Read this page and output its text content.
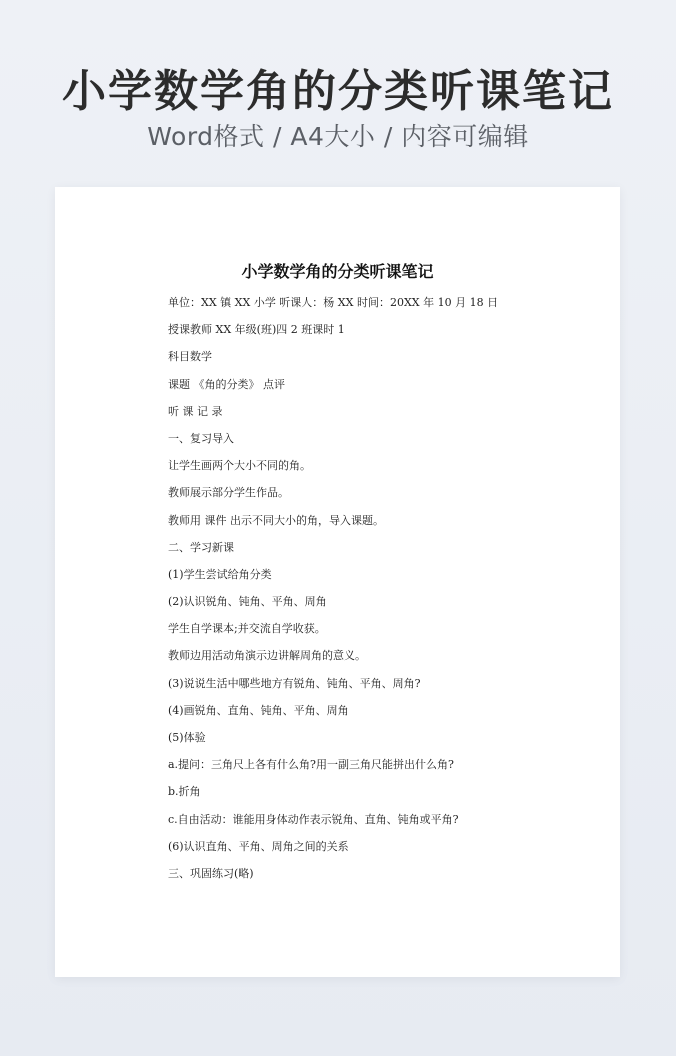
小学数学角的分类听课笔记
Word格式 / A4大小 / 内容可编辑
小学数学角的分类听课笔记
单位：XX 镇 XX 小学 听课人：杨 XX 时间：20XX 年 10 月 18 日
授课教师 XX 年级(班)四 2 班课时 1
科目数学
课题 《角的分类》 点评
听 课 记 录
一、复习导入
让学生画两个大小不同的角。
教师展示部分学生作品。
教师用 课件 出示不同大小的角，导入课题。
二、学习新课
(1)学生尝试给角分类
(2)认识锐角、钝角、平角、周角
学生自学课本;并交流自学收获。
教师边用活动角演示边讲解周角的意义。
(3)说说生活中哪些地方有锐角、钝角、平角、周角?
(4)画锐角、直角、钝角、平角、周角
(5)体验
a.提问：三角尺上各有什么角?用一副三角尺能拼出什么角?
b.折角
c.自由活动：谁能用身体动作表示锐角、直角、钝角或平角?
(6)认识直角、平角、周角之间的关系
三、巩固练习(略)
